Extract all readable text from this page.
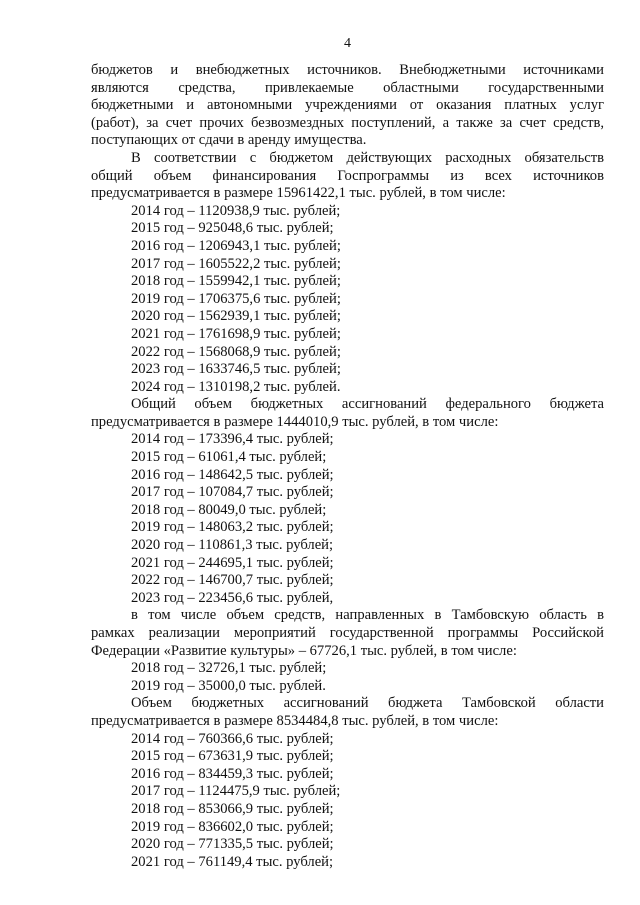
4

бюджетов и внебюджетных источников. Внебюджетными источниками

являются средства, привлекаемые областными государственными

бюджетными и автономными учреждениями от оказания платных услуг

(работ), за счет прочих безвозмездных поступлений, а также за счет средств,

поступающих от сдачи в аренду имущества.

В соответствии с бюджетом действующих расходных обязательств

общий объем финансирования Госпрограммы из всех источников

предусматривается в размере 15961422,1 тыс. рублей, в том числе:

2014 год – 1120938,9 тыс. рублей;

2015 год – 925048,6 тыс. рублей;

2016 год – 1206943,1 тыс. рублей;

2017 год – 1605522,2 тыс. рублей;

2018 год – 1559942,1 тыс. рублей;

2019 год – 1706375,6 тыс. рублей;

2020 год – 1562939,1 тыс. рублей;

2021 год – 1761698,9 тыс. рублей;

2022 год – 1568068,9 тыс. рублей;

2023 год – 1633746,5 тыс. рублей;

2024 год – 1310198,2 тыс. рублей.

Общий объем бюджетных ассигнований федерального бюджета

предусматривается в размере 1444010,9 тыс. рублей, в том числе:

2014 год – 173396,4 тыс. рублей;

2015 год – 61061,4 тыс. рублей;

2016 год – 148642,5 тыс. рублей;

2017 год – 107084,7 тыс. рублей;

2018 год – 80049,0 тыс. рублей;

2019 год – 148063,2 тыс. рублей;

2020 год – 110861,3 тыс. рублей;

2021 год – 244695,1 тыс. рублей;

2022 год – 146700,7 тыс. рублей;

2023 год – 223456,6 тыс. рублей,

в том числе объем средств, направленных в Тамбовскую область в

рамках реализации мероприятий государственной программы Российской

Федерации «Развитие культуры» – 67726,1 тыс. рублей, в том числе:

2018 год – 32726,1 тыс. рублей;

2019 год – 35000,0 тыс. рублей.

Объем бюджетных ассигнований бюджета Тамбовской области

предусматривается в размере 8534484,8 тыс. рублей, в том числе:

2014 год – 760366,6 тыс. рублей;

2015 год – 673631,9 тыс. рублей;

2016 год – 834459,3 тыс. рублей;

2017 год – 1124475,9 тыс. рублей;

2018 год – 853066,9 тыс. рублей;

2019 год – 836602,0 тыс. рублей;

2020 год – 771335,5 тыс. рублей;

2021 год – 761149,4 тыс. рублей;
